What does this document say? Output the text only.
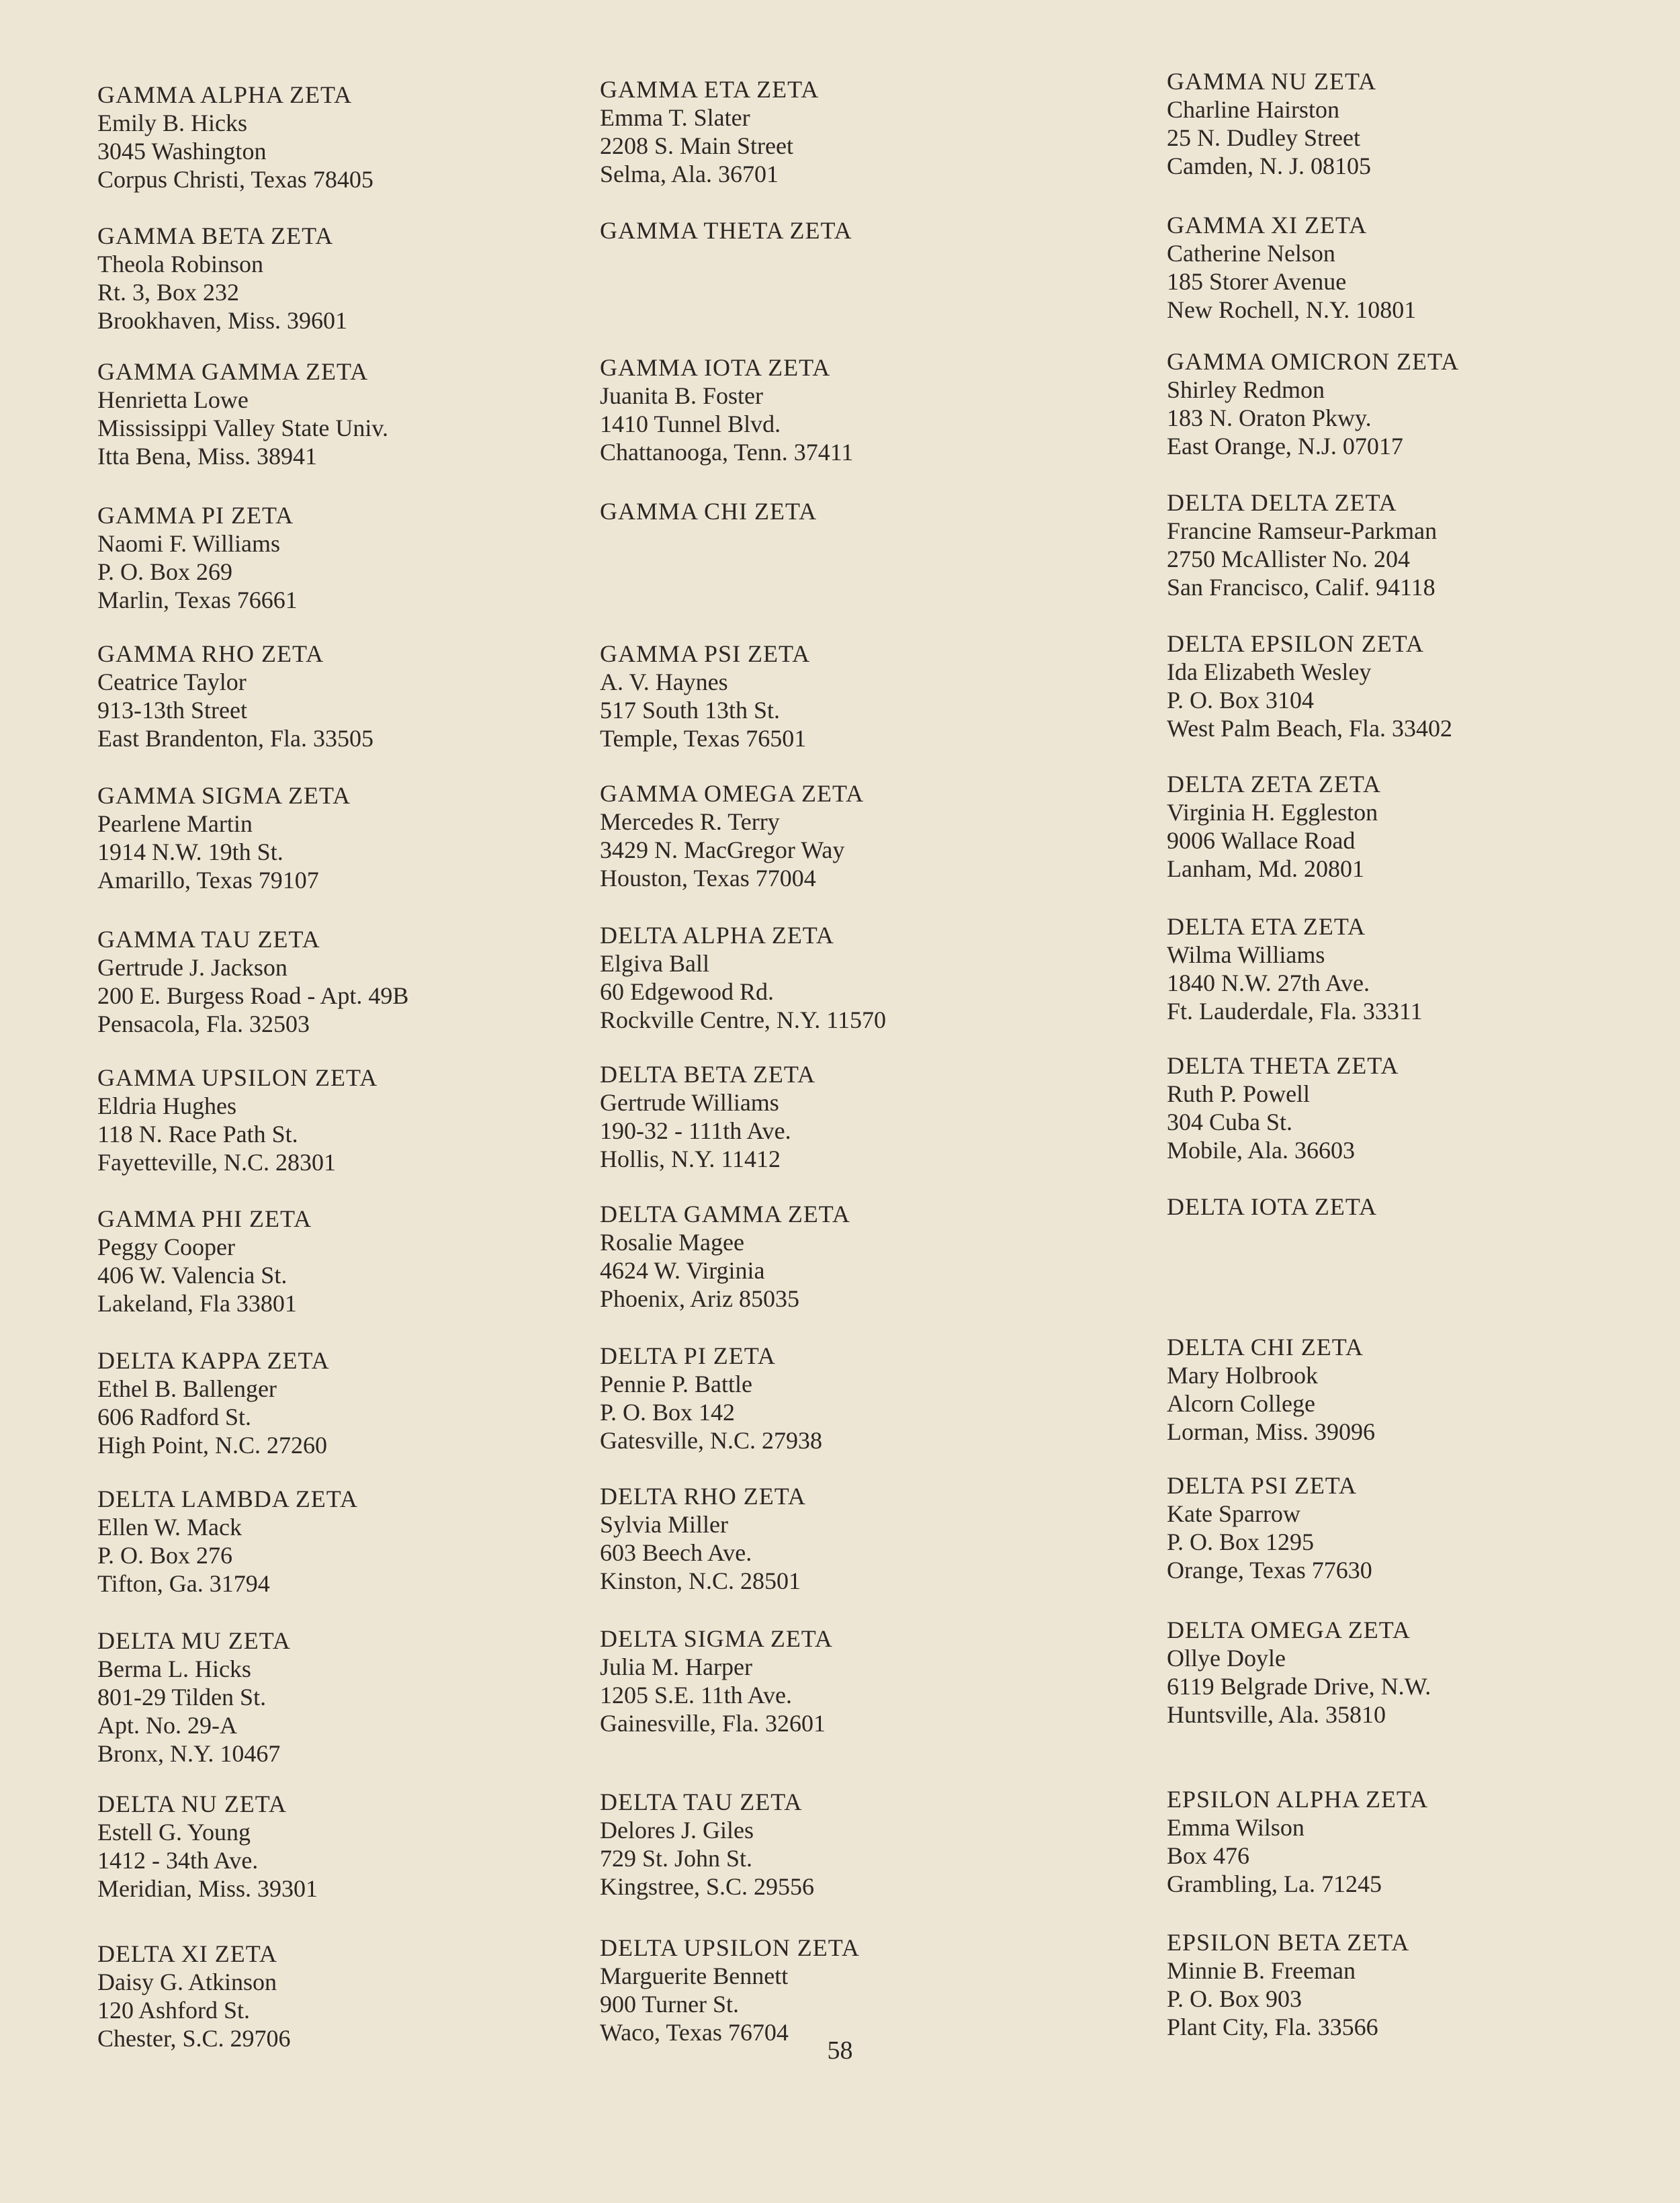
GAMMA ALPHA ZETA
Emily B. Hicks
3045 Washington
Corpus Christi, Texas 78405
GAMMA BETA ZETA
Theola Robinson
Rt. 3, Box 232
Brookhaven, Miss. 39601
GAMMA GAMMA ZETA
Henrietta Lowe
Mississippi Valley State Univ.
Itta Bena, Miss. 38941
GAMMA PI ZETA
Naomi F. Williams
P. O. Box 269
Marlin, Texas 76661
GAMMA RHO ZETA
Ceatrice Taylor
913-13th Street
East Brandenton, Fla. 33505
GAMMA SIGMA ZETA
Pearlene Martin
1914 N.W. 19th St.
Amarillo, Texas 79107
GAMMA TAU ZETA
Gertrude J. Jackson
200 E. Burgess Road - Apt. 49B
Pensacola, Fla. 32503
GAMMA UPSILON ZETA
Eldria Hughes
118 N. Race Path St.
Fayetteville, N.C. 28301
GAMMA PHI ZETA
Peggy Cooper
406 W. Valencia St.
Lakeland, Fla 33801
DELTA KAPPA ZETA
Ethel B. Ballenger
606 Radford St.
High Point, N.C. 27260
DELTA LAMBDA ZETA
Ellen W. Mack
P. O. Box 276
Tifton, Ga. 31794
DELTA MU ZETA
Berma L. Hicks
801-29 Tilden St.
Apt. No. 29-A
Bronx, N.Y. 10467
DELTA NU ZETA
Estell G. Young
1412 - 34th Ave.
Meridian, Miss. 39301
DELTA XI ZETA
Daisy G. Atkinson
120 Ashford St.
Chester, S.C. 29706
GAMMA ETA ZETA
Emma T. Slater
2208 S. Main Street
Selma, Ala. 36701
GAMMA THETA ZETA
GAMMA IOTA ZETA
Juanita B. Foster
1410 Tunnel Blvd.
Chattanooga, Tenn. 37411
GAMMA CHI ZETA
GAMMA PSI ZETA
A. V. Haynes
517 South 13th St.
Temple, Texas 76501
GAMMA OMEGA ZETA
Mercedes R. Terry
3429 N. MacGregor Way
Houston, Texas 77004
DELTA ALPHA ZETA
Elgiva Ball
60 Edgewood Rd.
Rockville Centre, N.Y. 11570
DELTA BETA ZETA
Gertrude Williams
190-32 - 111th Ave.
Hollis, N.Y. 11412
DELTA GAMMA ZETA
Rosalie Magee
4624 W. Virginia
Phoenix, Ariz 85035
DELTA PI ZETA
Pennie P. Battle
P. O. Box 142
Gatesville, N.C. 27938
DELTA RHO ZETA
Sylvia Miller
603 Beech Ave.
Kinston, N.C. 28501
DELTA SIGMA ZETA
Julia M. Harper
1205 S.E. 11th Ave.
Gainesville, Fla. 32601
DELTA TAU ZETA
Delores J. Giles
729 St. John St.
Kingstree, S.C. 29556
DELTA UPSILON ZETA
Marguerite Bennett
900 Turner St.
Waco, Texas 76704
GAMMA NU ZETA
Charline Hairston
25 N. Dudley Street
Camden, N. J. 08105
GAMMA XI ZETA
Catherine Nelson
185 Storer Avenue
New Rochell, N.Y. 10801
GAMMA OMICRON ZETA
Shirley Redmon
183 N. Oraton Pkwy.
East Orange, N.J. 07017
DELTA DELTA ZETA
Francine Ramseur-Parkman
2750 McAllister No. 204
San Francisco, Calif. 94118
DELTA EPSILON ZETA
Ida Elizabeth Wesley
P. O. Box 3104
West Palm Beach, Fla. 33402
DELTA ZETA ZETA
Virginia H. Eggleston
9006 Wallace Road
Lanham, Md. 20801
DELTA ETA ZETA
Wilma Williams
1840 N.W. 27th Ave.
Ft. Lauderdale, Fla. 33311
DELTA THETA ZETA
Ruth P. Powell
304 Cuba St.
Mobile, Ala. 36603
DELTA IOTA ZETA
DELTA CHI ZETA
Mary Holbrook
Alcorn College
Lorman, Miss. 39096
DELTA PSI ZETA
Kate Sparrow
P. O. Box 1295
Orange, Texas 77630
DELTA OMEGA ZETA
Ollye Doyle
6119 Belgrade Drive, N.W.
Huntsville, Ala. 35810
EPSILON ALPHA ZETA
Emma Wilson
Box 476
Grambling, La. 71245
EPSILON BETA ZETA
Minnie B. Freeman
P. O. Box 903
Plant City, Fla. 33566
58
